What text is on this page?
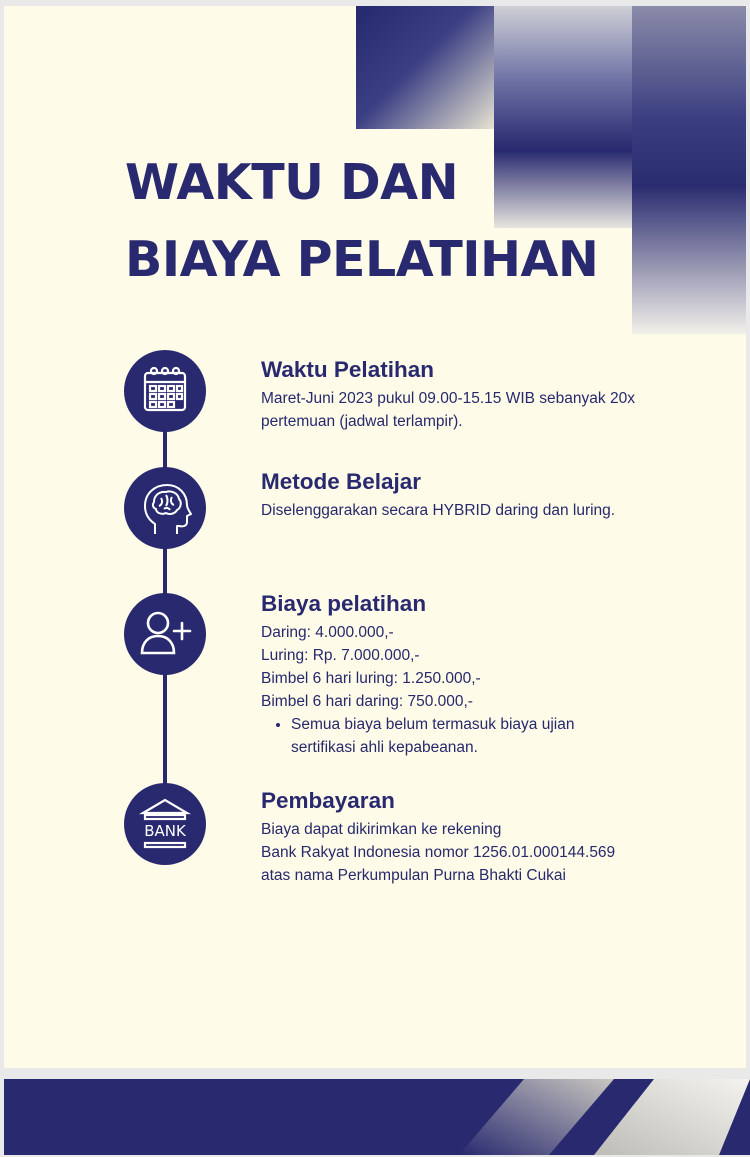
WAKTU DAN
BIAYA PELATIHAN
BANK
Waktu Pelatihan

Maret-Juni 2023 pukul 09.00-15.15 WIB sebanyak 20x pertemuan (jadwal terlampir).

Metode Belajar

Diselenggarakan secara HYBRID daring dan luring.

Biaya pelatihan
Daring: 4.000.000,-
Luring: Rp. 7.000.000,-
Bimbel 6 hari luring: 1.250.000,-
Bimbel 6 hari daring: 750.000,-
• Semua biaya belum termasuk biaya ujian sertifikasi ahli kepabeanan.
Pembayaran
Biaya dapat dikirimkan ke rekening
Bank Rakyat Indonesia nomor 1256.01.000144.569
atas nama Perkumpulan Purna Bhakti Cukai
